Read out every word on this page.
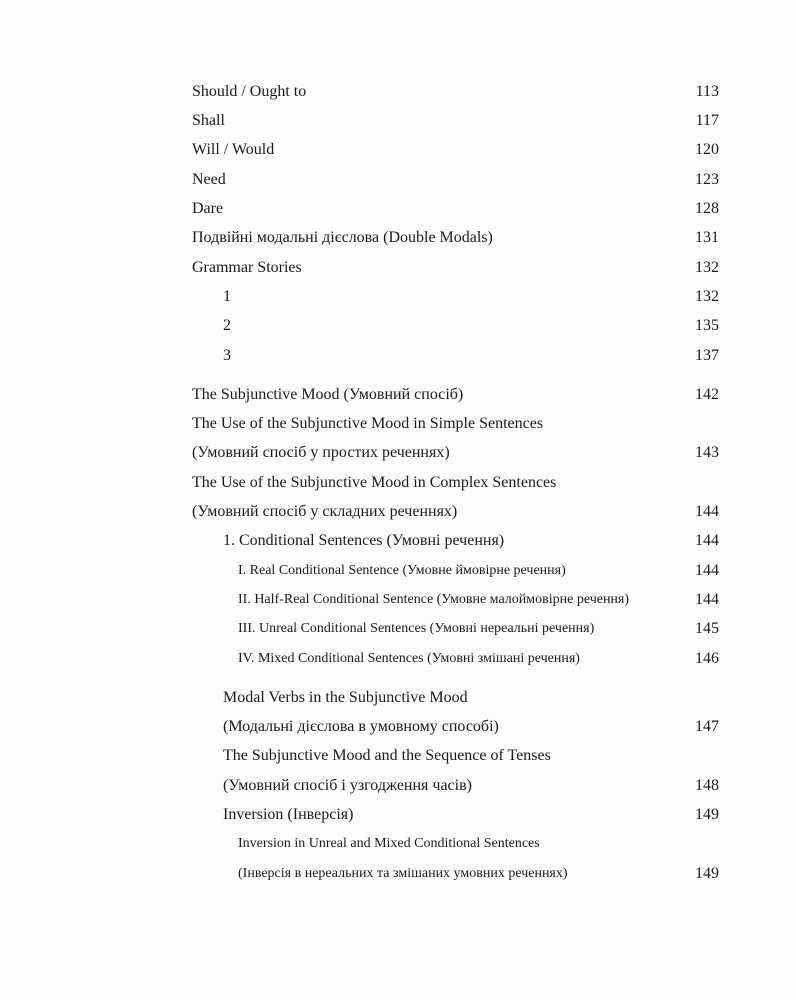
Should / Ought to	113
Shall	117
Will / Would	120
Need	123
Dare	128
Подвійні модальні дієслова (Double Modals)	131
Grammar Stories	132
1	132
2	135
3	137
The Subjunctive Mood (Умовний спосіб)	142
The Use of the Subjunctive Mood in Simple Sentences
(Умовний спосіб у простих реченнях)	143
The Use of the Subjunctive Mood in Complex Sentences
(Умовний спосіб у складних реченнях)	144
1. Conditional Sentences (Умовні речення)	144
I. Real Conditional Sentence (Умовне ймовірне речення)	144
II. Half-Real Conditional Sentence (Умовне малоймовірне речення)	144
III. Unreal Conditional Sentences (Умовні нереальні речення)	145
IV. Mixed Conditional Sentences (Умовні змішані речення)	146
Modal Verbs in the Subjunctive Mood
(Модальні дієслова в умовному способі)	147
The Subjunctive Mood and the Sequence of Tenses
(Умовний спосіб і узгодження часів)	148
Inversion (Інверсія)	149
Inversion in Unreal and Mixed Conditional Sentences
(Інверсія в нереальних та змішаних умовних реченнях)	149
